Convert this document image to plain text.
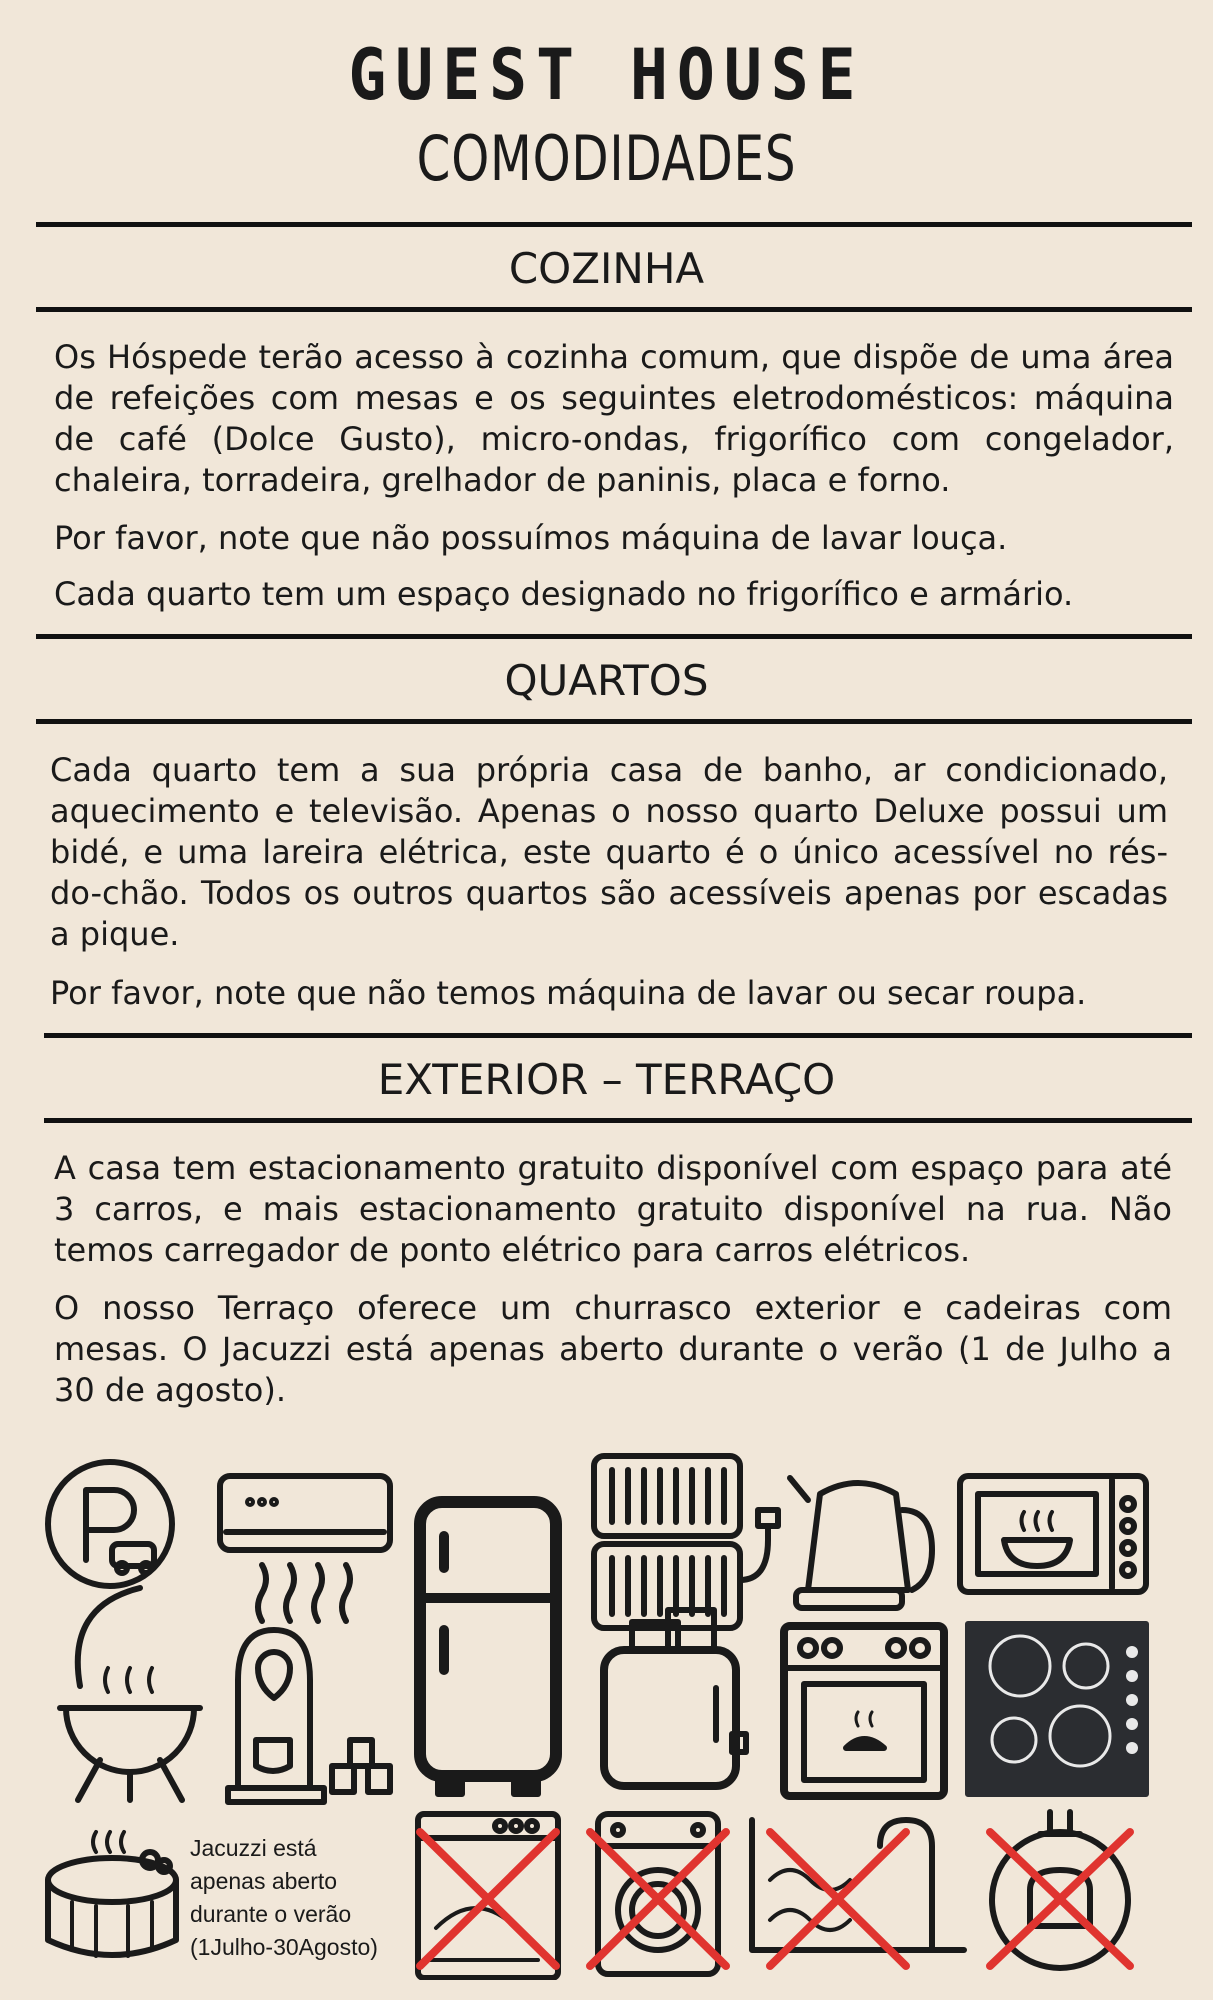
GUEST HOUSE
COMODIDADES
COZINHA

Os Hóspede terão acesso à cozinha comum, que dispõe de uma área de refeições com mesas e os seguintes eletrodomésticos: máquina de café (Dolce Gusto), micro-ondas, frigorífico com congelador, chaleira, torradeira, grelhador de paninis, placa e forno.

Por favor, note que não possuímos máquina de lavar louça.

Cada quarto tem um espaço designado no frigorífico e armário.

QUARTOS

Cada quarto tem a sua própria casa de banho, ar condicionado, aquecimento e televisão. Apenas o nosso quarto Deluxe possui um bidé, e uma lareira elétrica, este quarto é o único acessível no rés-do-chão. Todos os outros quartos são acessíveis apenas por escadas a pique.

Por favor, note que não temos máquina de lavar ou secar roupa.

EXTERIOR – TERRAÇO

A casa tem estacionamento gratuito disponível com espaço para até 3 carros, e mais estacionamento gratuito disponível na rua. Não temos carregador de ponto elétrico para carros elétricos.

O nosso Terraço oferece um churrasco exterior e cadeiras com mesas. O Jacuzzi está apenas aberto durante o verão (1 de Julho a 30 de agosto).

Jacuzzi está
apenas aberto
durante o verão
(1Julho-30Agosto)
